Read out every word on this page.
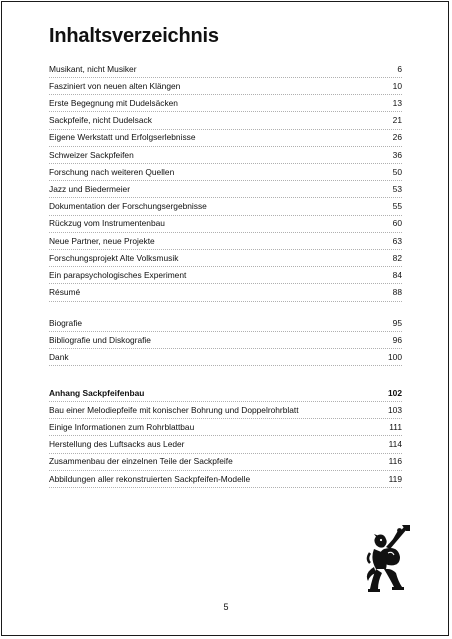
Inhaltsverzeichnis
Musikant, nicht Musiker	6
Fasziniert von neuen alten Klängen	10
Erste Begegnung mit Dudelsäcken	13
Sackpfeife, nicht Dudelsack	21
Eigene Werkstatt und Erfolgserlebnisse	26
Schweizer Sackpfeifen	36
Forschung nach weiteren Quellen	50
Jazz und Biedermeier	53
Dokumentation der Forschungsergebnisse	55
Rückzug vom Instrumentenbau	60
Neue Partner, neue Projekte	63
Forschungsprojekt Alte Volksmusik	82
Ein parapsychologisches Experiment	84
Résumé	88
Biografie	95
Bibliografie und Diskografie	96
Dank	100
Anhang Sackpfeifenbau	102
Bau einer Melodiepfeife mit konischer Bohrung und Doppelrohrblatt	103
Einige Informationen zum Rohrblattbau	111
Herstellung des Luftsacks aus Leder	114
Zusammenbau der einzelnen Teile der Sackpfeife	116
Abbildungen aller rekonstruierten Sackpfeifen-Modelle	119
5
